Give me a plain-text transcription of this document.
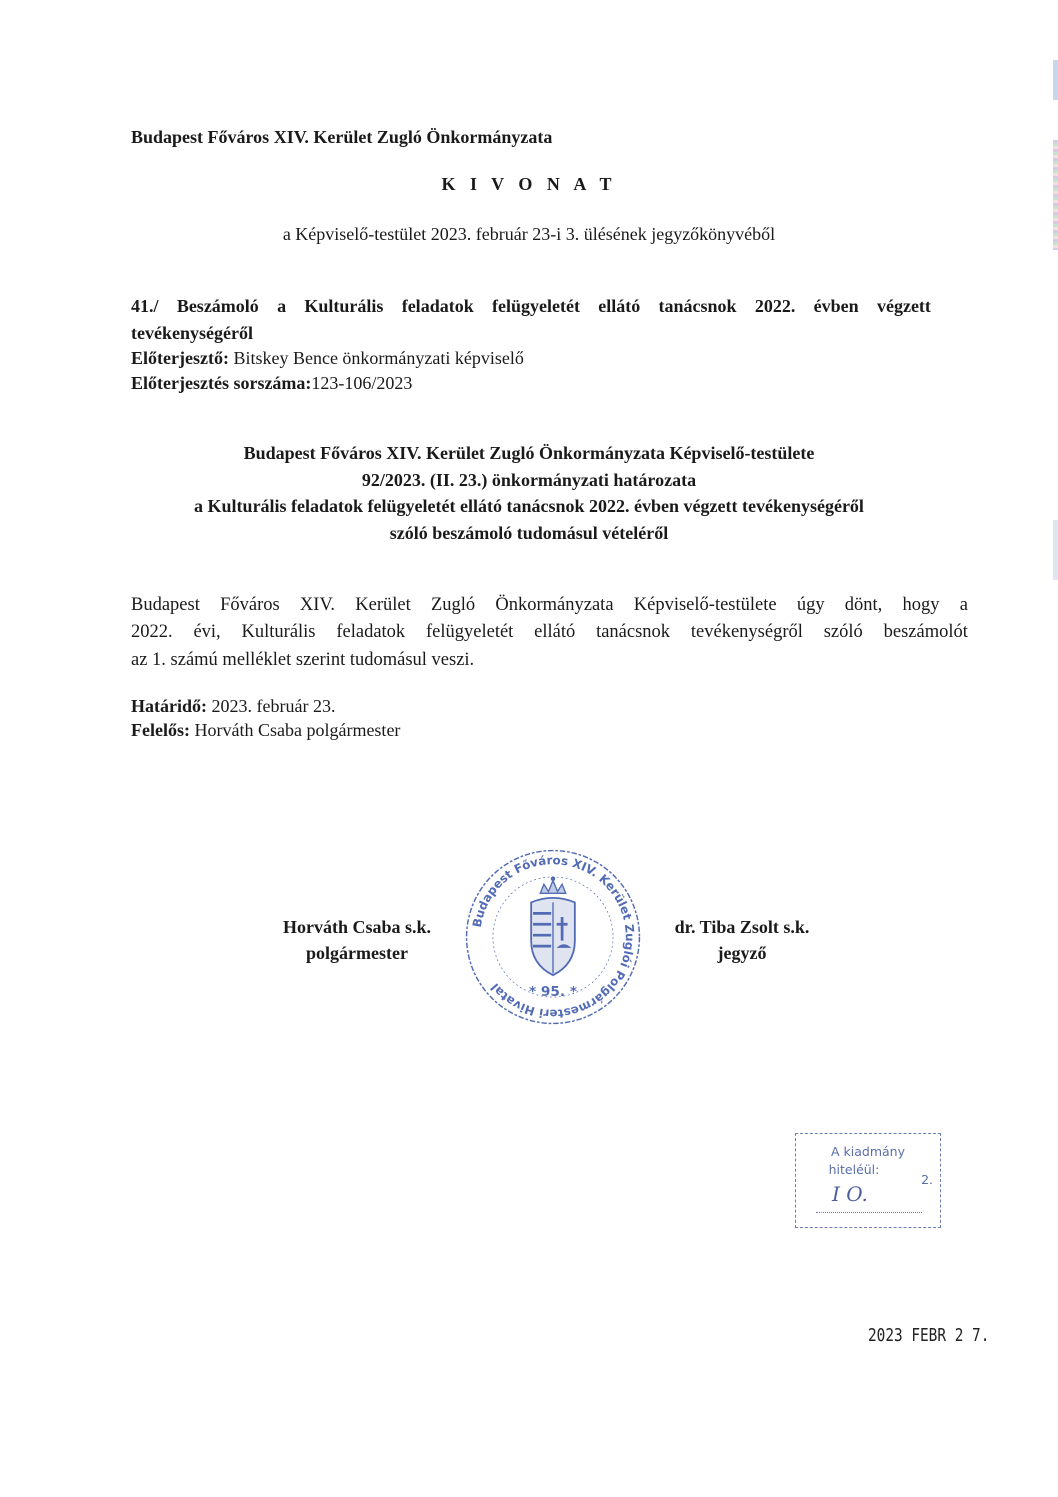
Budapest Főváros XIV. Kerület Zugló Önkormányzata
K I V O N A T
a Képviselő-testület 2023. február 23-i 3. ülésének jegyzőkönyvéből
41./ Beszámoló a Kulturális feladatok felügyeletét ellátó tanácsnok 2022. évben végzett
tevékenységéről
Előterjesztő: Bitskey Bence önkormányzati képviselő
Előterjesztés sorszáma:123-106/2023
Budapest Főváros XIV. Kerület Zugló Önkormányzata Képviselő-testülete
92/2023. (II. 23.) önkormányzati határozata
a Kulturális feladatok felügyeletét ellátó tanácsnok 2022. évben végzett tevékenységéről
szóló beszámoló tudomásul vételéről
Budapest Főváros XIV. Kerület Zugló Önkormányzata Képviselő-testülete úgy dönt, hogy a
2022. évi, Kulturális feladatok felügyeletét ellátó tanácsnok tevékenységről szóló beszámolót
az 1. számú melléklet szerint tudomásul veszi.
Határidő: 2023. február 23.
Felelős: Horváth Csaba polgármester
Horváth Csaba s.k.
polgármester
dr. Tiba Zsolt s.k.
jegyző
Budapest Főváros XIV. Kerület Zuglói Polgármesteri Hivatal	* 95. *
A kiadmány
hiteléül:
2.
I O.
2023 FEBR 2 7.
